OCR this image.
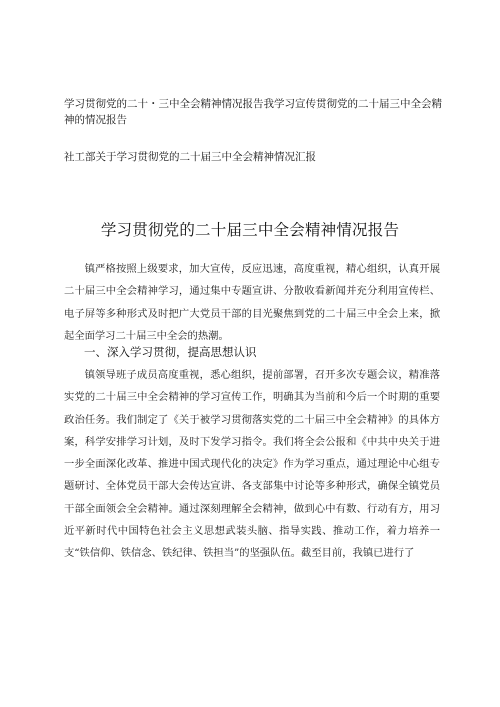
学习贯彻党的二十・三中全会精神情况报告我学习宣传贯彻党的二十届三中全会精神的情况报告
社工部关于学习贯彻党的二十届三中全会精神情况汇报
学习贯彻党的二十届三中全会精神情况报告
镇严格按照上级要求，加大宣传，反应迅速，高度重视，精心组织，认真开展二十届三中全会精神学习，通过集中专题宣讲、分散收看新闻并充分利用宣传栏、电子屏等多种形式及时把广大党员干部的目光聚焦到党的二十届三中全会上来，掀起全面学习二十届三中全会的热潮。
一、深入学习贯彻，提高思想认识
镇领导班子成员高度重视，悉心组织，提前部署，召开多次专题会议，精准落实党的二十届三中全会精神的学习宣传工作，明确其为当前和今后一个时期的重要政治任务。我们制定了《关于被学习贯彻落实党的二十届三中全会精神》的具体方案，科学安排学习计划，及时下发学习指令。我们将全会公报和《中共中央关于进一步全面深化改革、推进中国式现代化的决定》作为学习重点，通过理论中心组专题研讨、全体党员干部大会传达宣讲、各支部集中讨论等多种形式，确保全镇党员干部全面领会全会精神。通过深刻理解全会精神，做到心中有数、行动有方，用习近平新时代中国特色社会主义思想武装头脑、指导实践、推动工作，着力培养一支“铁信仰、铁信念、铁纪律、铁担当”的坚强队伍。截至目前，我镇已进行了
